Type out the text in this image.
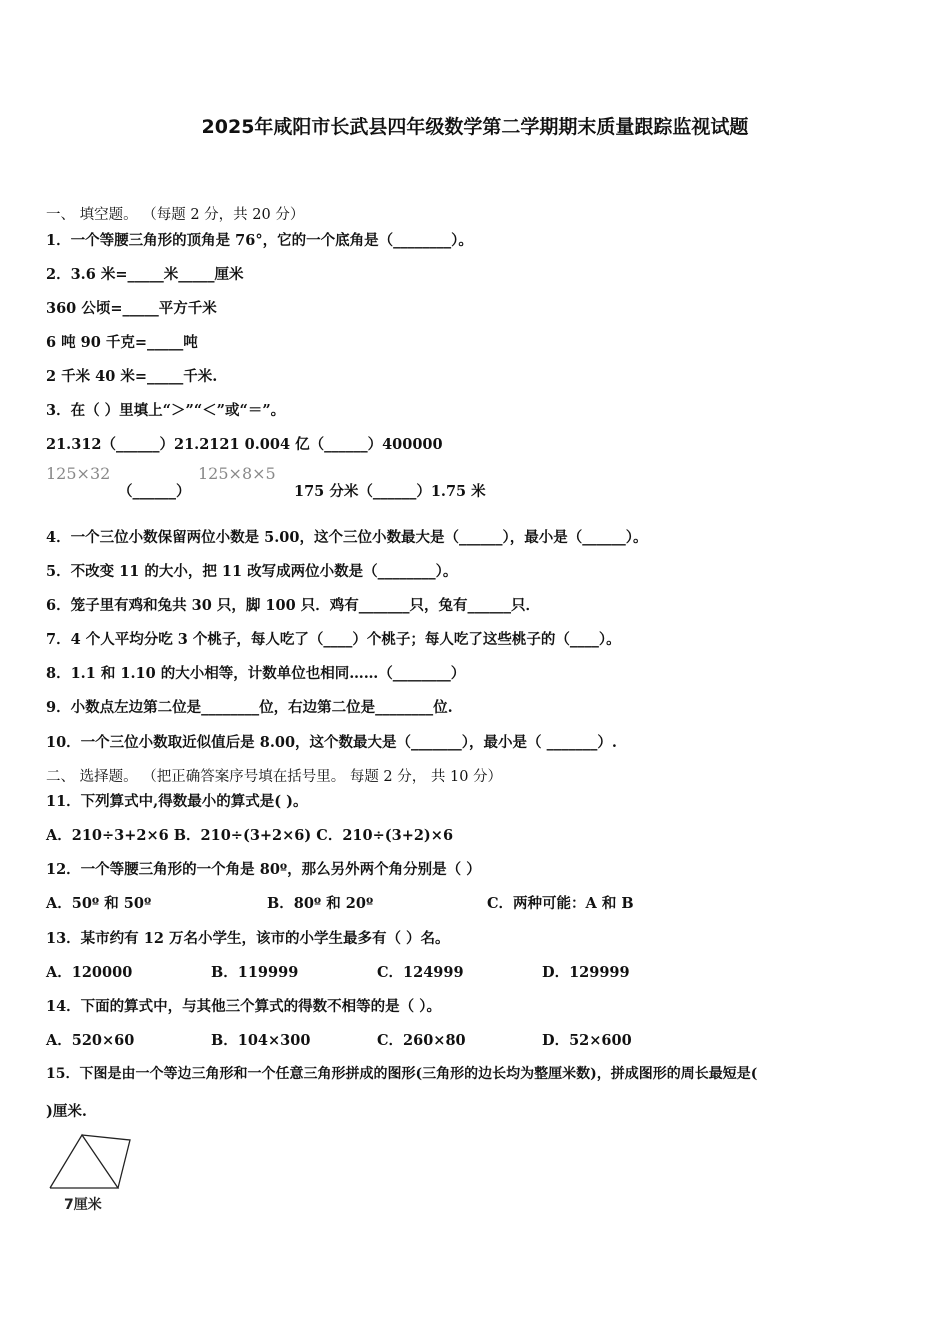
2025年咸阳市长武县四年级数学第二学期期末质量跟踪监视试题
一、 填空题。 （每题 2 分，共 20 分）
1．一个等腰三角形的顶角是 76°，它的一个底角是（________）。
2．3.6 米=_____米_____厘米
360 公顷=_____平方千米
6 吨 90 千克=_____吨
2 千米 40 米=_____千米.
3．在（ ）里填上“＞”“＜”或“＝”。
21.312（______）21.2121 0.004 亿（______）400000
125×32
（______）
125×8×5
175 分米（______）1.75 米
4．一个三位小数保留两位小数是 5.00，这个三位小数最大是（______），最小是（______）。
5．不改变 11 的大小，把 11 改写成两位小数是（________）。
6．笼子里有鸡和兔共 30 只，脚 100 只．鸡有_______只，兔有______只．
7．4 个人平均分吃 3 个桃子，每人吃了（____）个桃子；每人吃了这些桃子的（____）。
8．1.1 和 1.10 的大小相等，计数单位也相同……（________）
9．小数点左边第二位是________位，右边第二位是________位.
10．一个三位小数取近似值后是 8.00，这个数最大是（_______），最小是（ _______）.
二、 选择题。 （把正确答案序号填在括号里。 每题 2 分， 共 10 分）
11．下列算式中,得数最小的算式是( )。
A．210÷3+2×6 B．210÷(3+2×6) C．210÷(3+2)×6
12．一个等腰三角形的一个角是 80º，那么另外两个角分别是（ ）
A．50º 和 50º	B．80º 和 20º	C．两种可能：A 和 B
13．某市约有 12 万名小学生，该市的小学生最多有（ ）名。
A．120000	B．119999	C．124999	D．129999
14．下面的算式中，与其他三个算式的得数不相等的是（ ）。
A．520×60	B．104×300	C．260×80	D．52×600
15．下图是由一个等边三角形和一个任意三角形拼成的图形(三角形的边长均为整厘米数)，拼成图形的周长最短是(
)厘米.
7厘米
